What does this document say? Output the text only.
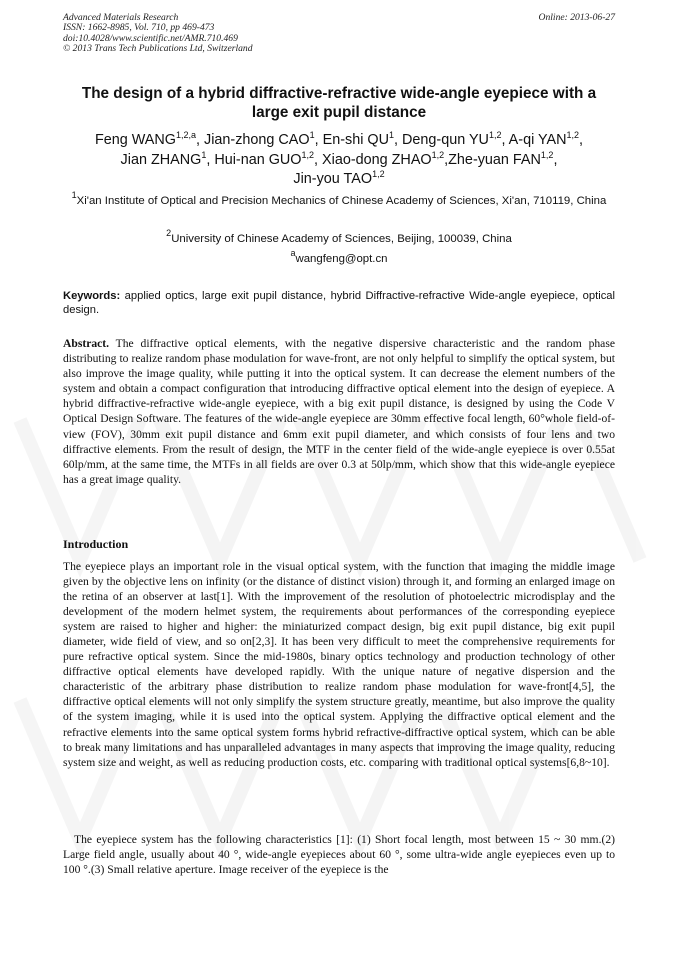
Advanced Materials Research
ISSN: 1662-8985, Vol. 710, pp 469-473
doi:10.4028/www.scientific.net/AMR.710.469
© 2013 Trans Tech Publications Ltd, Switzerland
Online: 2013-06-27
The design of a hybrid diffractive-refractive wide-angle eyepiece with a
large exit pupil distance
Feng WANG$^{1,2,a}$, Jian-zhong CAO$^1$, En-shi $QU^1$, Deng-qun YU$^{1,2}$, A-qi YAN$^{1,2}$,
Jian ZHANG$^1$, Hui-nan GUO$^{1,2}$, Xiao-dong ZHAO$^{1,2}$,Zhe-yuan FAN$^{1,2}$,
Jin-you TAO$^{1,2}$
$^1$Xi'an Institute of Optical and Precision Mechanics of Chinese Academy of Sciences, Xi'an, 710119, China
$^2$University of Chinese Academy of Sciences, Beijing, 100039, China
$^a$wangfeng@opt.cn
Keywords: applied optics, large exit pupil distance, hybrid Diffractive-refractive Wide-angle eyepiece, optical design.
Abstract. The diffractive optical elements, with the negative dispersive characteristic and the random phase distributing to realize random phase modulation for wave-front, are not only helpful to simplify the optical system, but also improve the image quality, while putting it into the optical system. It can decrease the element numbers of the system and obtain a compact configuration that introducing diffractive optical element into the design of eyepiece. A hybrid diffractive-refractive wide-angle eyepiece, with a big exit pupil distance, is designed by using the Code V Optical Design Software. The features of the wide-angle eyepiece are 30mm effective focal length, 60°whole field-of-view (FOV), 30mm exit pupil distance and 6mm exit pupil diameter, and which consists of four lens and two diffractive elements. From the result of design, the MTF in the center field of the wide-angle eyepiece is over 0.55at 60lp/mm, at the same time, the MTFs in all fields are over 0.3 at 50lp/mm, which show that this wide-angle eyepiece has a great image quality.
Introduction
The eyepiece plays an important role in the visual optical system, with the function that imaging the middle image given by the objective lens on infinity (or the distance of distinct vision) through it, and forming an enlarged image on the retina of an observer at last[1]. With the improvement of the resolution of photoelectric microdisplay and the development of the modern helmet system, the requirements about performances of the corresponding eyepiece system are raised to higher and higher: the miniaturized compact design, big exit pupil distance, big exit pupil diameter, wide field of view, and so on[2,3]. It has been very difficult to meet the comprehensive requirements for pure refractive optical system. Since the mid-1980s, binary optics technology and production technology of other diffractive optical elements have developed rapidly. With the unique nature of negative dispersion and the characteristic of the arbitrary phase distribution to realize random phase modulation for wave-front[4,5], the diffractive optical elements will not only simplify the system structure greatly, meantime, but also improve the quality of the system imaging, while it is used into the optical system. Applying the diffractive optical element and the refractive elements into the same optical system forms hybrid refractive-diffractive optical system, which can be able to break many limitations and has unparalleled advantages in many aspects that improving the image quality, reducing system size and weight, as well as reducing production costs, etc. comparing with traditional optical systems[6,8~10].
The eyepiece system has the following characteristics [1]: (1) Short focal length, most between 15 ~ 30 mm.(2) Large field angle, usually about 40 °, wide-angle eyepieces about 60 °, some ultra-wide angle eyepieces even up to 100 °.(3) Small relative aperture. Image receiver of the eyepiece is the
